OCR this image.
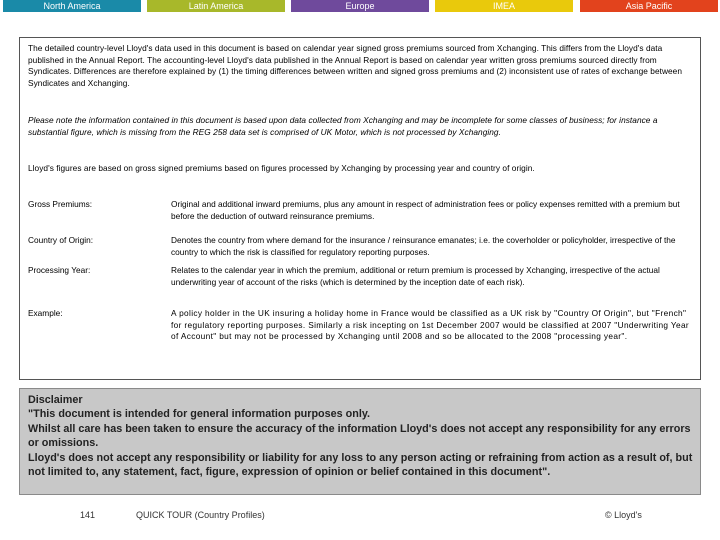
North America	Latin America	Europe	IMEA	Asia Pacific
The detailed country-level Lloyd's data used in this document is based on calendar year signed gross premiums sourced from Xchanging. This differs from the Lloyd's data published in the Annual Report. The accounting-level Lloyd's data published in the Annual Report is based on calendar year written gross premiums sourced directly from Syndicates. Differences are therefore explained by (1) the timing differences between written and signed gross premiums and (2) inconsistent use of rates of exchange between Syndicates and Xchanging.
Please note the information contained in this document is based upon data collected from Xchanging and may be incomplete for some classes of business; for instance a substantial figure, which is missing from the REG 258 data set is comprised of UK Motor, which is not processed by Xchanging.
Lloyd's figures are based on gross signed premiums based on figures processed by Xchanging by processing year and country of origin.
Gross Premiums:	Original and additional inward premiums, plus any amount in respect of administration fees or policy expenses remitted with a premium but before the deduction of outward reinsurance premiums.
Country of Origin:	Denotes the country from where demand for the insurance / reinsurance emanates; i.e. the coverholder or policyholder, irrespective of the country to which the risk is classified for regulatory reporting purposes.
Processing Year:	Relates to the calendar year in which the premium, additional or return premium is processed by Xchanging, irrespective of the actual underwriting year of account of the risks (which is determined by the inception date of each risk).
Example:	A policy holder in the UK insuring a holiday home in France would be classified as a UK risk by "Country Of Origin", but "French" for regulatory reporting purposes. Similarly a risk incepting on 1st December 2007 would be classified at 2007 "Underwriting Year of Account" but may not be processed by Xchanging until 2008 and so be allocated to the 2008 "processing year".
Disclaimer
"This document is intended for general information purposes only.
Whilst all care has been taken to ensure the accuracy of the information Lloyd's does not accept any responsibility for any errors or omissions.
Lloyd's does not accept any responsibility or liability for any loss to any person acting or refraining from action as a result of, but not limited to, any statement, fact, figure, expression of opinion or belief contained in this document".
141	QUICK TOUR (Country Profiles)	© Lloyd's
